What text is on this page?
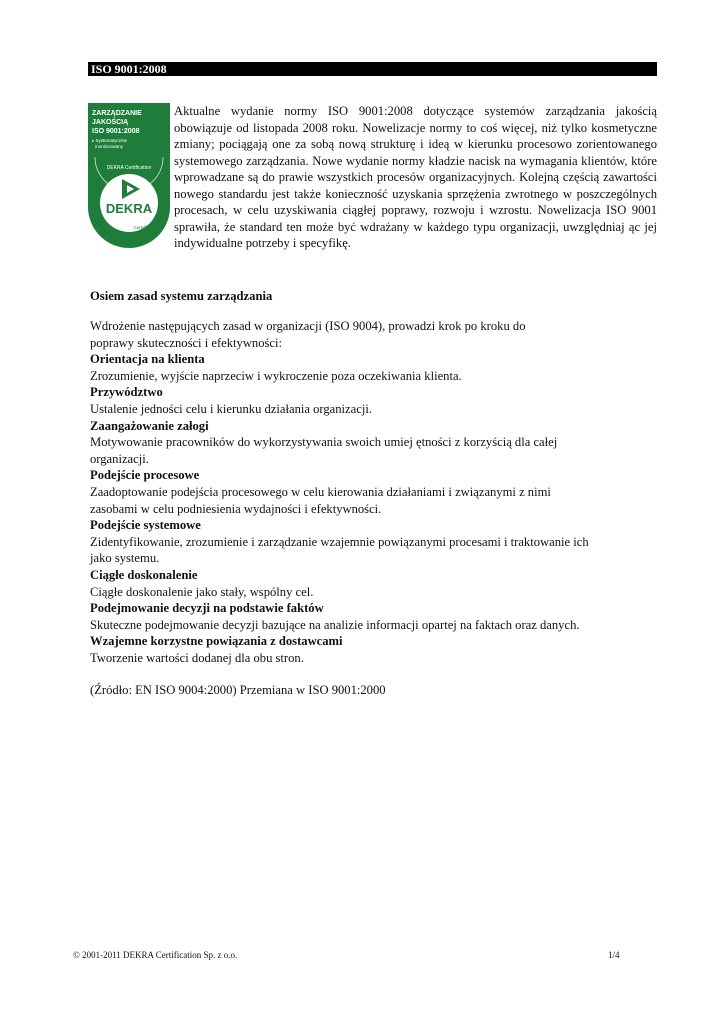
ISO 9001:2008
ZARZĄDZANIE
JAKOŚCIĄ
ISO 9001:2008
▸ Systematycznie
monitorowany
DEKRA Certification
DEKRA
Certyfikat
Aktualne wydanie normy ISO 9001:2008 dotyczące systemów zarządzania jakością obowiązuje od listopada 2008 roku. Nowelizacje normy to coś więcej, niż tylko kosmetyczne zmiany; pociągają one za sobą nową strukturę i ideą w kierunku procesowo zorientowanego systemowego zarządzania. Nowe wydanie normy kładzie nacisk na wymagania klientów, które wprowadzane są do prawie wszystkich procesów organizacyjnych. Kolejną częścią zawartości nowego standardu jest także konieczność uzyskania sprzężenia zwrotnego w poszczególnych procesach, w celu uzyskiwania ciągłej poprawy, rozwoju i wzrostu. Nowelizacja ISO 9001 sprawiła, że standard ten może być wdrażany w każdego typu organizacji, uwzględniaj ąc jej indywidualne potrzeby i specyfikę.
Osiem zasad systemu zarządzania

Wdrożenie następujących zasad w organizacji (ISO 9004), prowadzi krok po kroku do

poprawy skuteczności i efektywności:

Orientacja na klienta

Zrozumienie, wyjście naprzeciw i wykroczenie poza oczekiwania klienta.

Przywództwo

Ustalenie jedności celu i kierunku działania organizacji.

Zaangażowanie załogi

Motywowanie pracowników do wykorzystywania swoich umiej ętności z korzyścią dla całej

organizacji.

Podejście procesowe

Zaadoptowanie podejścia procesowego w celu kierowania działaniami i związanymi z nimi

zasobami w celu podniesienia wydajności i efektywności.

Podejście systemowe

Zidentyfikowanie, zrozumienie i zarządzanie wzajemnie powiązanymi procesami i traktowanie ich

jako systemu.

Ciągłe doskonalenie

Ciągłe doskonalenie jako stały, wspólny cel.

Podejmowanie decyzji na podstawie faktów

Skuteczne podejmowanie decyzji bazujące na analizie informacji opartej na faktach oraz danych.

Wzajemne korzystne powiązania z dostawcami

Tworzenie wartości dodanej dla obu stron.

(Źródło: EN ISO 9004:2000) Przemiana w ISO 9001:2000
© 2001-2011 DEKRA Certification Sp. z o.o.	1/4
